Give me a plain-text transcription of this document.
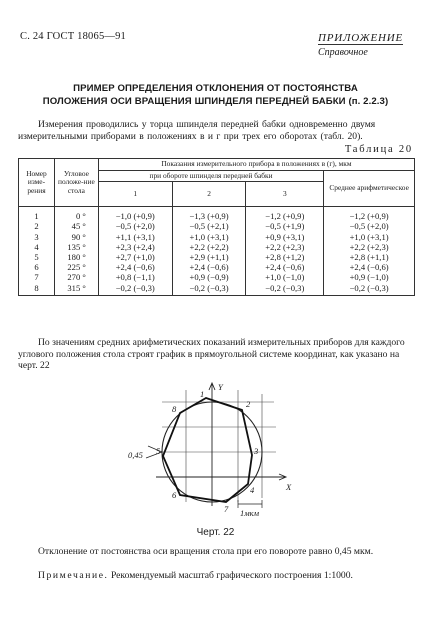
С. 24 ГОСТ 18065—91	ПРИЛОЖЕНИЕ
Справочное
ПРИМЕР ОПРЕДЕЛЕНИЯ ОТКЛОНЕНИЯ ОТ ПОСТОЯНСТВА
ПОЛОЖЕНИЯ ОСИ ВРАЩЕНИЯ ШПИНДЕЛЯ ПЕРЕДНЕЙ БАБКИ (п. 2.2.3)
Измерения проводились у торца шпинделя передней бабки одновременно двумя измерительными приборами в положениях в и г при трех его оборотах (табл. 20).
Таблица 20
Номер изме-рения	Угловое положе-ние стола	Показания измерительного прибора в положениях в (г), мкм			
		при обороте шпинделя передней бабки			Среднее арифметическое
		1	2	3	
1	0 °	−1,0 (+0,9)	−1,3 (+0,9)	−1,2 (+0,9)	−1,2 (+0,9)
2	45 °	−0,5 (+2,0)	−0,5 (+2,1)	−0,5 (+1,9)	−0,5 (+2,0)
3	90 °	+1,1 (+3,1)	+1,0 (+3,1)	+0,9 (+3,1)	+1,0 (+3,1)
4	135 °	+2,3 (+2,4)	+2,2 (+2,2)	+2,2 (+2,3)	+2,2 (+2,3)
5	180 °	+2,7 (+1,0)	+2,9 (+1,1)	+2,8 (+1,2)	+2,8 (+1,1)
6	225 °	+2,4 (−0,6)	+2,4 (−0,6)	+2,4 (−0,6)	+2,4 (−0,6)
7	270 °	+0,8 (−1,1)	+0,9 (−0,9)	+1,0 (−1,0)	+0,9 (−1,0)
8	315 °	−0,2 (−0,3)	−0,2 (−0,3)	−0,2 (−0,3)	−0,2 (−0,3)
По значениям средних арифметических показаний измерительных приборов для каждого углового положения стола строят график в прямоугольной системе координат, как указано на черт. 22
0,45
Y
X
1мкм
1
2
3
4
7
6
5
8
Черт. 22
Отклонение от постоянства оси вращения стола при его повороте равно 0,45 мкм.
Примечание. Рекомендуемый масштаб графического построения 1:1000.
